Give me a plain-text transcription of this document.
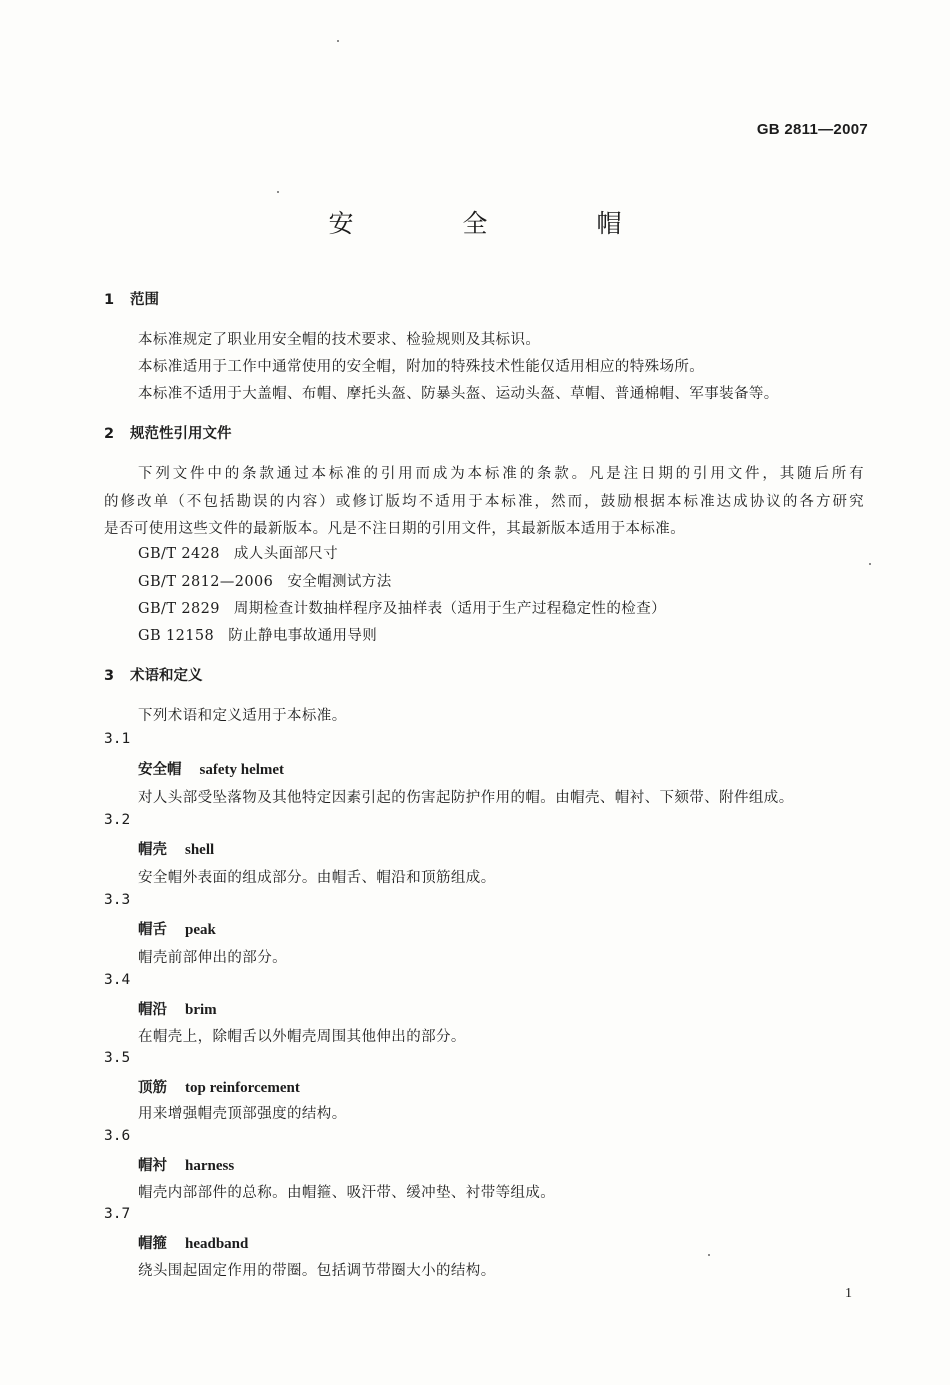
GB 2811—2007
安　全　帽
1 范围
本标准规定了职业用安全帽的技术要求、检验规则及其标识。
本标准适用于工作中通常使用的安全帽，附加的特殊技术性能仅适用相应的特殊场所。
本标准不适用于大盖帽、布帽、摩托头盔、防暴头盔、运动头盔、草帽、普通棉帽、军事装备等。
2 规范性引用文件
下列文件中的条款通过本标准的引用而成为本标准的条款。凡是注日期的引用文件，其随后所有
的修改单（不包括勘误的内容）或修订版均不适用于本标准，然而，鼓励根据本标准达成协议的各方研究
是否可使用这些文件的最新版本。凡是不注日期的引用文件，其最新版本适用于本标准。
GB/T 2428 成人头面部尺寸
GB/T 2812—2006 安全帽测试方法
GB/T 2829 周期检查计数抽样程序及抽样表（适用于生产过程稳定性的检查）
GB 12158 防止静电事故通用导则
3 术语和定义
下列术语和定义适用于本标准。
3.1
安全帽 safety helmet
对人头部受坠落物及其他特定因素引起的伤害起防护作用的帽。由帽壳、帽衬、下颏带、附件组成。
3.2
帽壳 shell
安全帽外表面的组成部分。由帽舌、帽沿和顶筋组成。
3.3
帽舌 peak
帽壳前部伸出的部分。
3.4
帽沿 brim
在帽壳上，除帽舌以外帽壳周围其他伸出的部分。
3.5
顶筋 top reinforcement
用来增强帽壳顶部强度的结构。
3.6
帽衬 harness
帽壳内部部件的总称。由帽箍、吸汗带、缓冲垫、衬带等组成。
3.7
帽箍 headband
绕头围起固定作用的带圈。包括调节带圈大小的结构。
1
